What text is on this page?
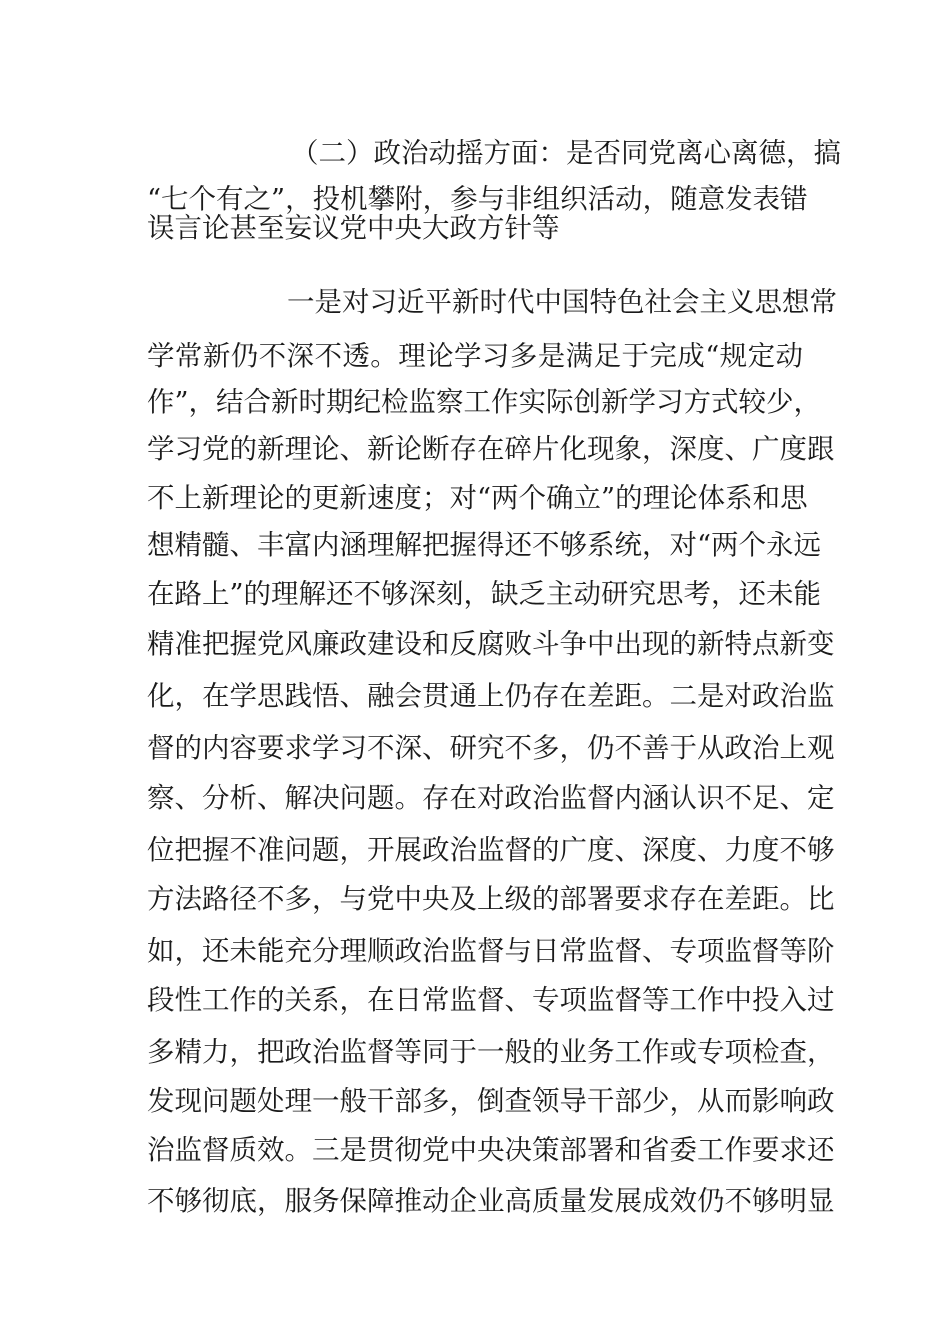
（二）政治动摇方面：是否同党离心离德，搞
“七个有之”，投机攀附，参与非组织活动，随意发表错
误言论甚至妄议党中央大政方针等
一是对习近平新时代中国特色社会主义思想常
学常新仍不深不透。理论学习多是满足于完成“规定动
作”，结合新时期纪检监察工作实际创新学习方式较少，
学习党的新理论、新论断存在碎片化现象，深度、广度跟
不上新理论的更新速度；对“两个确立”的理论体系和思
想精髓、丰富内涵理解把握得还不够系统，对“两个永远
在路上”的理解还不够深刻，缺乏主动研究思考，还未能
精准把握党风廉政建设和反腐败斗争中出现的新特点新变
化，在学思践悟、融会贯通上仍存在差距。二是对政治监
督的内容要求学习不深、研究不多，仍不善于从政治上观
察、分析、解决问题。存在对政治监督内涵认识不足、定
位把握不准问题，开展政治监督的广度、深度、力度不够
方法路径不多，与党中央及上级的部署要求存在差距。比
如，还未能充分理顺政治监督与日常监督、专项监督等阶
段性工作的关系，在日常监督、专项监督等工作中投入过
多精力，把政治监督等同于一般的业务工作或专项检查，
发现问题处理一般干部多，倒查领导干部少，从而影响政
治监督质效。三是贯彻党中央决策部署和省委工作要求还
不够彻底，服务保障推动企业高质量发展成效仍不够明显
